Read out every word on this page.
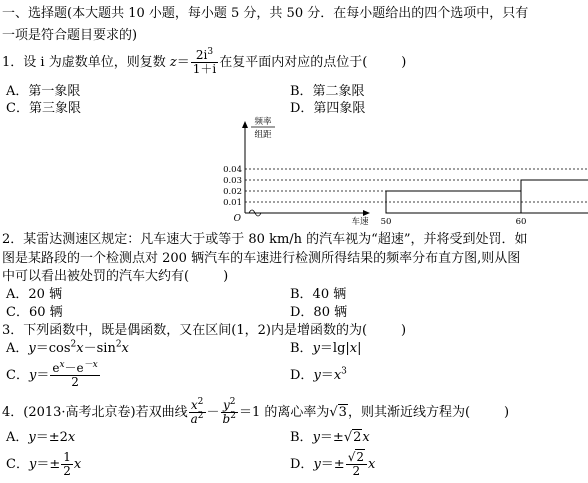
一、选择题(本大题共 10 小题，每小题 5 分，共 50 分．在每小题给出的四个选项中，只有
一项是符合题目要求的)
1．设 i 为虚数单位，则复数 $z= \frac{2i^3}{1+i}$ 在复平面内对应的点位于(	)
A．第一象限	B．第二象限
C．第三象限	D．第四象限
0.04
0.03
0.02
0.01
50	60
O
频率
组距
车速
2．某雷达测速区规定：凡车速大于或等于 80 km/h 的汽车视为“超速”，并将受到处罚．如
图是某路段的一个检测点对 200 辆汽车的车速进行检测所得结果的频率分布直方图,则从图
中可以看出被处罚的汽车大约有(	)
A．20 辆	B．40 辆
C．60 辆	D．80 辆
3．下列函数中，既是偶函数，又在区间(1，2)内是增函数的为(	)
A．$y=\cos^2x-\sin^2x$	B．y＝lg|x|
C．$y= \frac{e^x-e^{-x}}{2}$	D．$y=x^3$
4．(2013·高考北京卷)若双曲线 $\frac{x^2}{a^2} - \frac{y^2}{b^2} =1$ 的离心率为√3，则其渐近线方程为(	)
A．y＝±2x	B．y＝±√2x
C．$y=\pm \frac{1}{2}$ x	D．$y=\pm \frac{√2}{2}$ x
